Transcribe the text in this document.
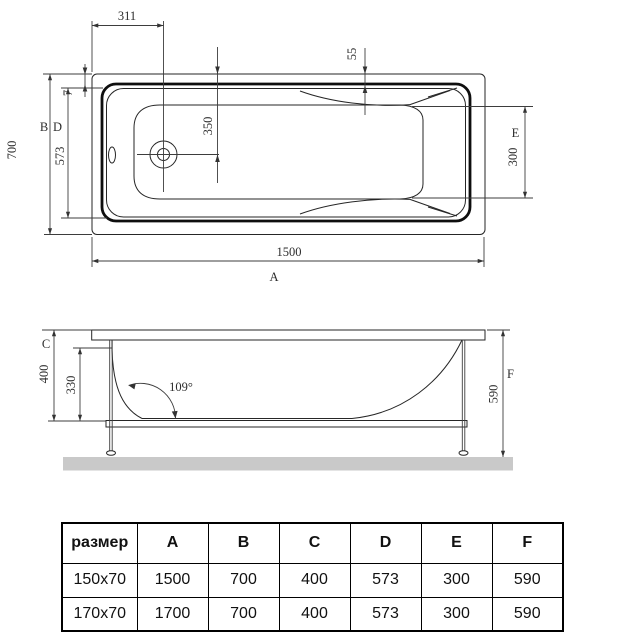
311
350
55
7
B
700
D
573
E
300
1500
A
C
400
330	109°
F
590
размер	A	B	C	D	E	F
150x70	1500	700	400	573	300	590
170x70	1700	700	400	573	300	590
